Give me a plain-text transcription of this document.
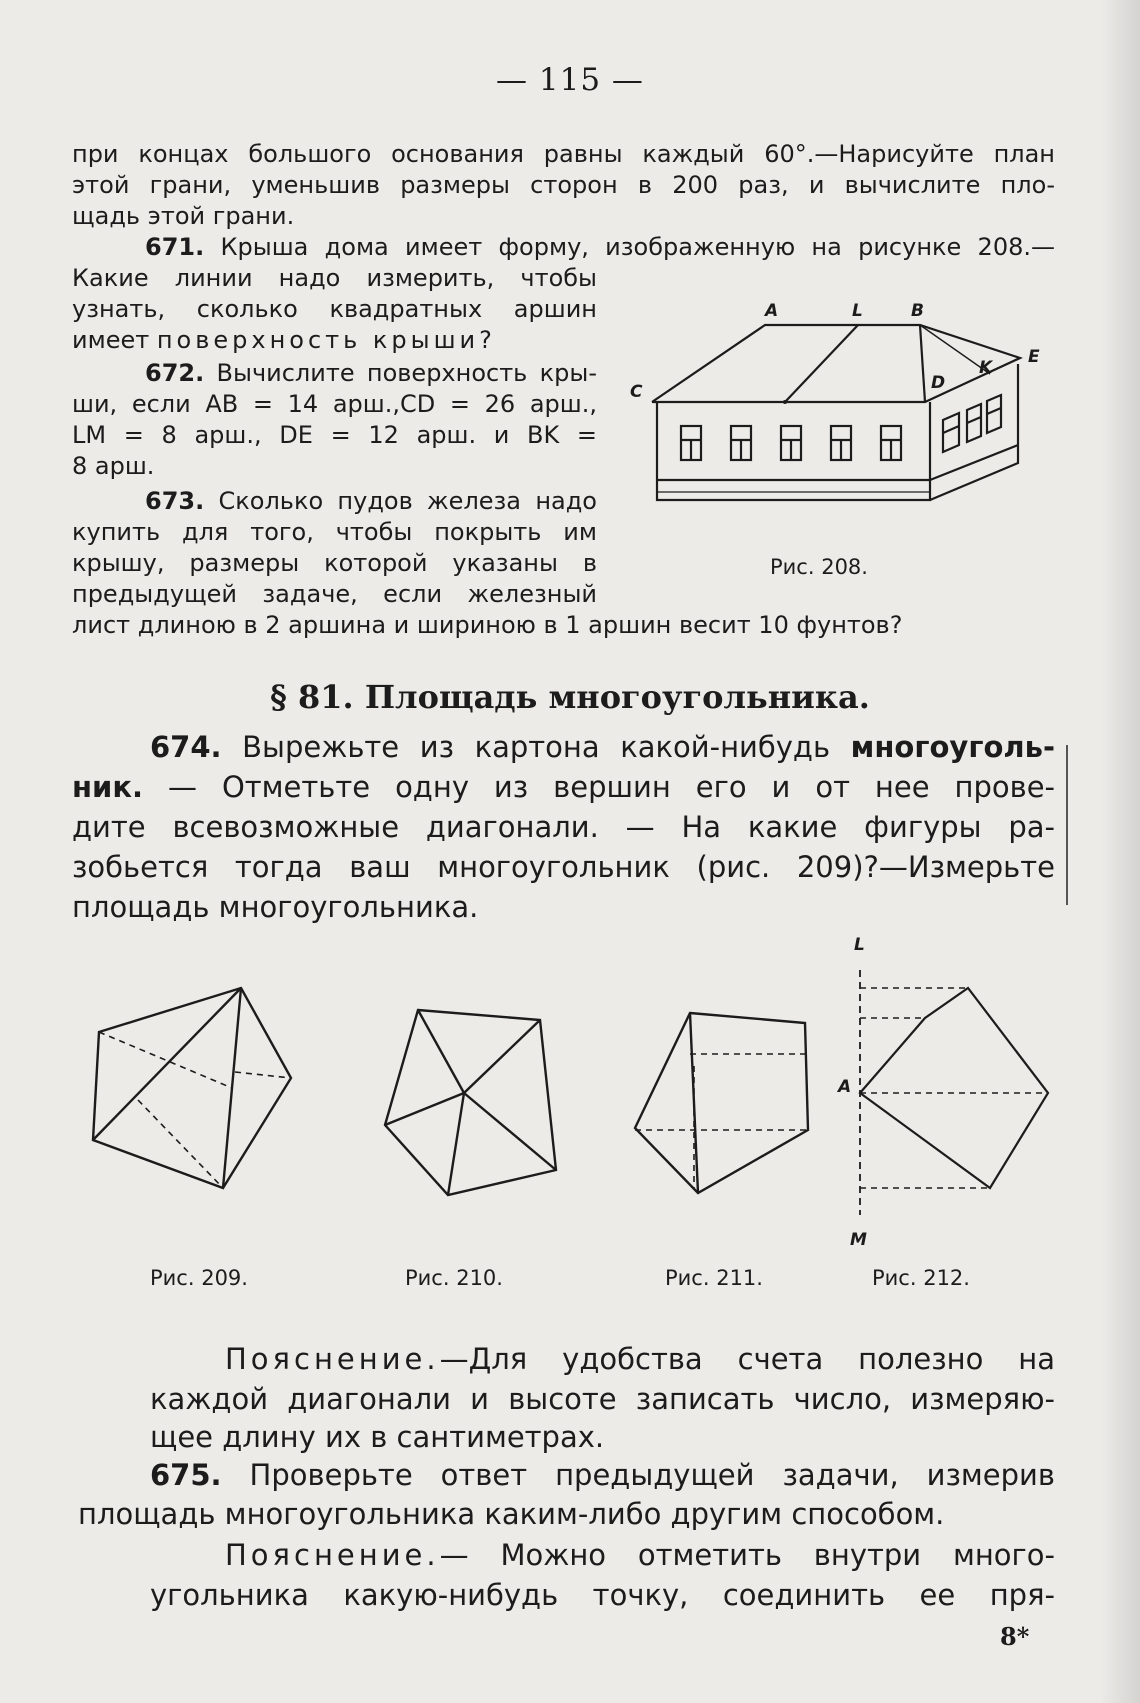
— 115 —
при концах большого основания равны каждый 60°.—Нарисуйте план
этой грани, уменьшив размеры сторон в 200 раз, и вычислите пло-
щадь этой грани.
671. Крыша дома имеет форму, изображенную на рисунке 208.—
Какие линии надо измерить, чтобы
узнать, сколько квадратных аршин
имеет поверхность крыши?
672. Вычислите поверхность кры-
ши, если AB = 14 арш.,CD = 26 арш.,
LM = 8 арш., DE = 12 арш. и BK =
8 арш.
673. Сколько пудов железа надо
купить для того, чтобы покрыть им
крышу, размеры которой указаны в
предыдущей задаче, если железный
лист длиною в 2 аршина и шириною в 1 аршин весит 10 фунтов?
A	L	B
C	D
K
E
Рис. 208.
§ 81. Площадь многоугольника.
674. Вырежьте из картона какой-нибудь многоуголь-
ник. — Отметьте одну из вершин его и от нее прове-
дите всевозможные диагонали. — На какие фигуры ра-
зобьется тогда ваш многоугольник (рис. 209)?—Измерьте
площадь многоугольника.
Рис. 209.	Рис. 210.	Рис. 211.
L
A
M
Рис. 212.
Пояснение.—Для удобства счета полезно на
каждой диагонали и высоте записать число, измеряю-
щее длину их в сантиметрах.
675. Проверьте ответ предыдущей задачи, измерив
площадь многоугольника каким-либо другим способом.
Пояснение.— Можно отметить внутри много-
угольника какую-нибудь точку, соединить ее пря-
8*
